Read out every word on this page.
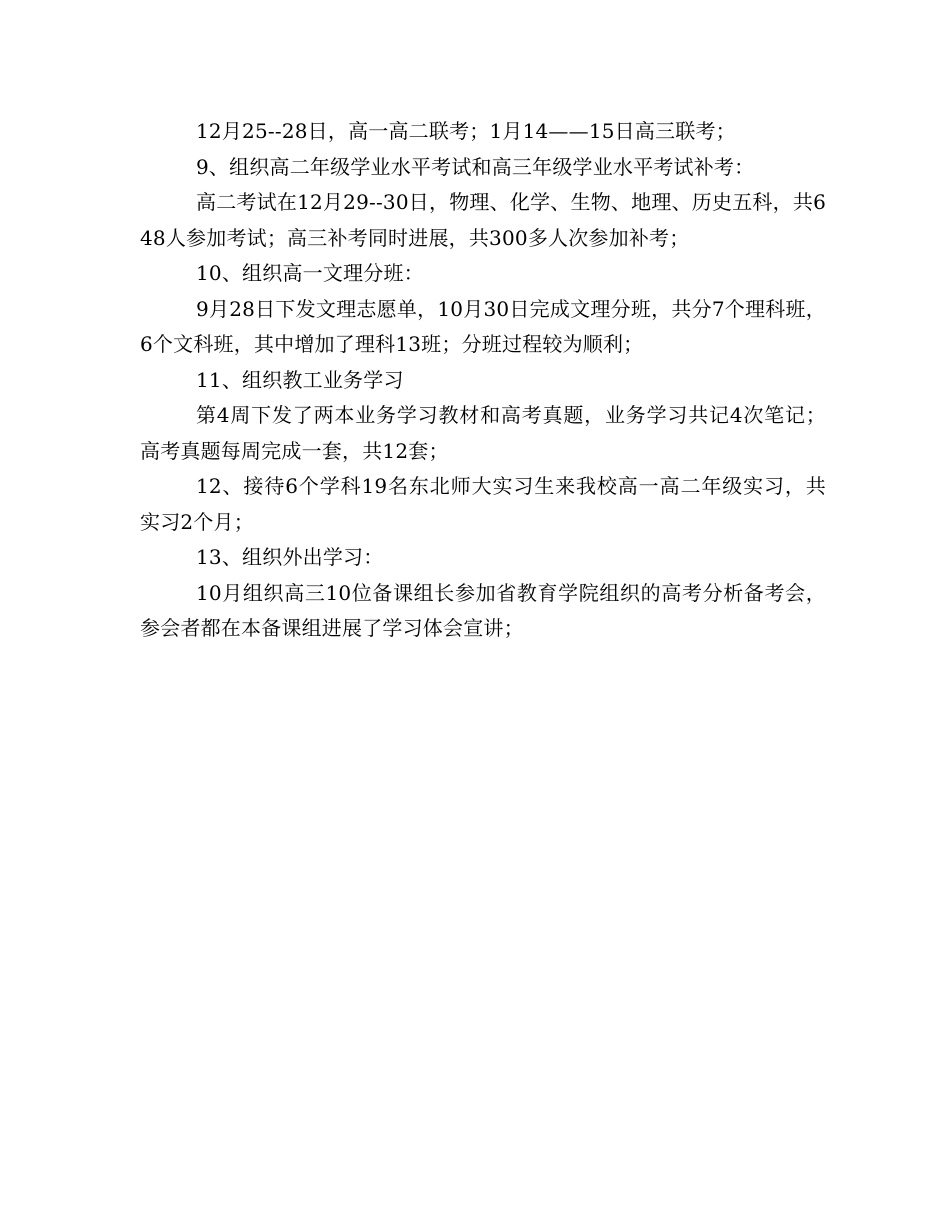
12月25--28日，高一高二联考；1月14——15日高三联考；

9、组织高二年级学业水平考试和高三年级学业水平考试补考：

高二考试在12月29--30日，物理、化学、生物、地理、历史五科，共648人参加考试；高三补考同时进展，共300多人次参加补考；

10、组织高一文理分班：

9月28日下发文理志愿单，10月30日完成文理分班，共分7个理科班，6个文科班，其中增加了理科13班；分班过程较为顺利；

11、组织教工业务学习

第4周下发了两本业务学习教材和高考真题，业务学习共记4次笔记；高考真题每周完成一套，共12套；

12、接待6个学科19名东北师大实习生来我校高一高二年级实习，共实习2个月；

13、组织外出学习：

10月组织高三10位备课组长参加省教育学院组织的高考分析备考会，参会者都在本备课组进展了学习体会宣讲；
